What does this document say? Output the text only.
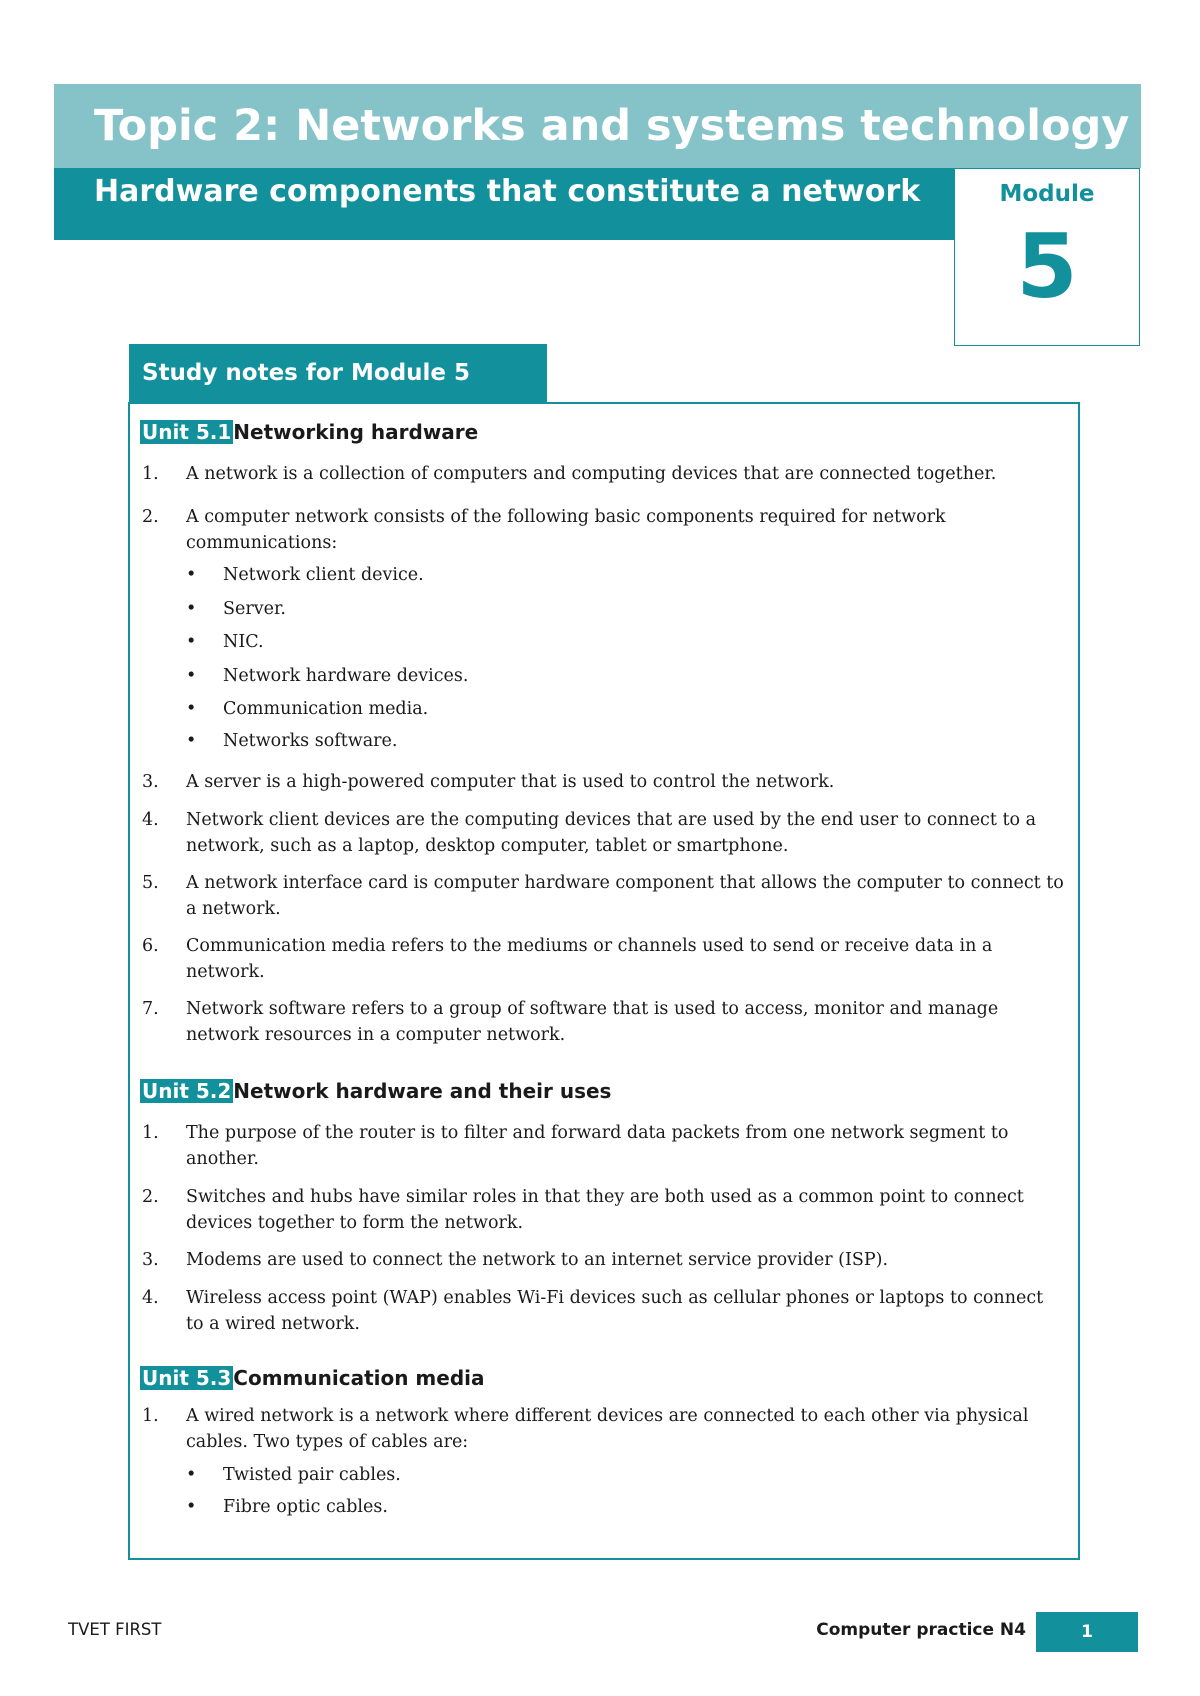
Topic 2: Networks and systems technology
Hardware components that constitute a network	Module
5
Study notes for Module 5
Unit 5.1 Networking hardware
1. A network is a collection of computers and computing devices that are connected together.
2. A computer network consists of the following basic components required for network communications:
• Network client device.
• Server.
• NIC.
• Network hardware devices.
• Communication media.
• Networks software.
3. A server is a high-powered computer that is used to control the network.
4. Network client devices are the computing devices that are used by the end user to connect to a network, such as a laptop, desktop computer, tablet or smartphone.
5. A network interface card is computer hardware component that allows the computer to connect to a network.
6. Communication media refers to the mediums or channels used to send or receive data in a network.
7. Network software refers to a group of software that is used to access, monitor and manage network resources in a computer network.
Unit 5.2 Network hardware and their uses
1. The purpose of the router is to filter and forward data packets from one network segment to another.
2. Switches and hubs have similar roles in that they are both used as a common point to connect devices together to form the network.
3. Modems are used to connect the network to an internet service provider (ISP).
4. Wireless access point (WAP) enables Wi-Fi devices such as cellular phones or laptops to connect to a wired network.
Unit 5.3 Communication media
1. A wired network is a network where different devices are connected to each other via physical cables. Two types of cables are:
• Twisted pair cables.
• Fibre optic cables.
TVET FIRST	Computer practice N4	1
